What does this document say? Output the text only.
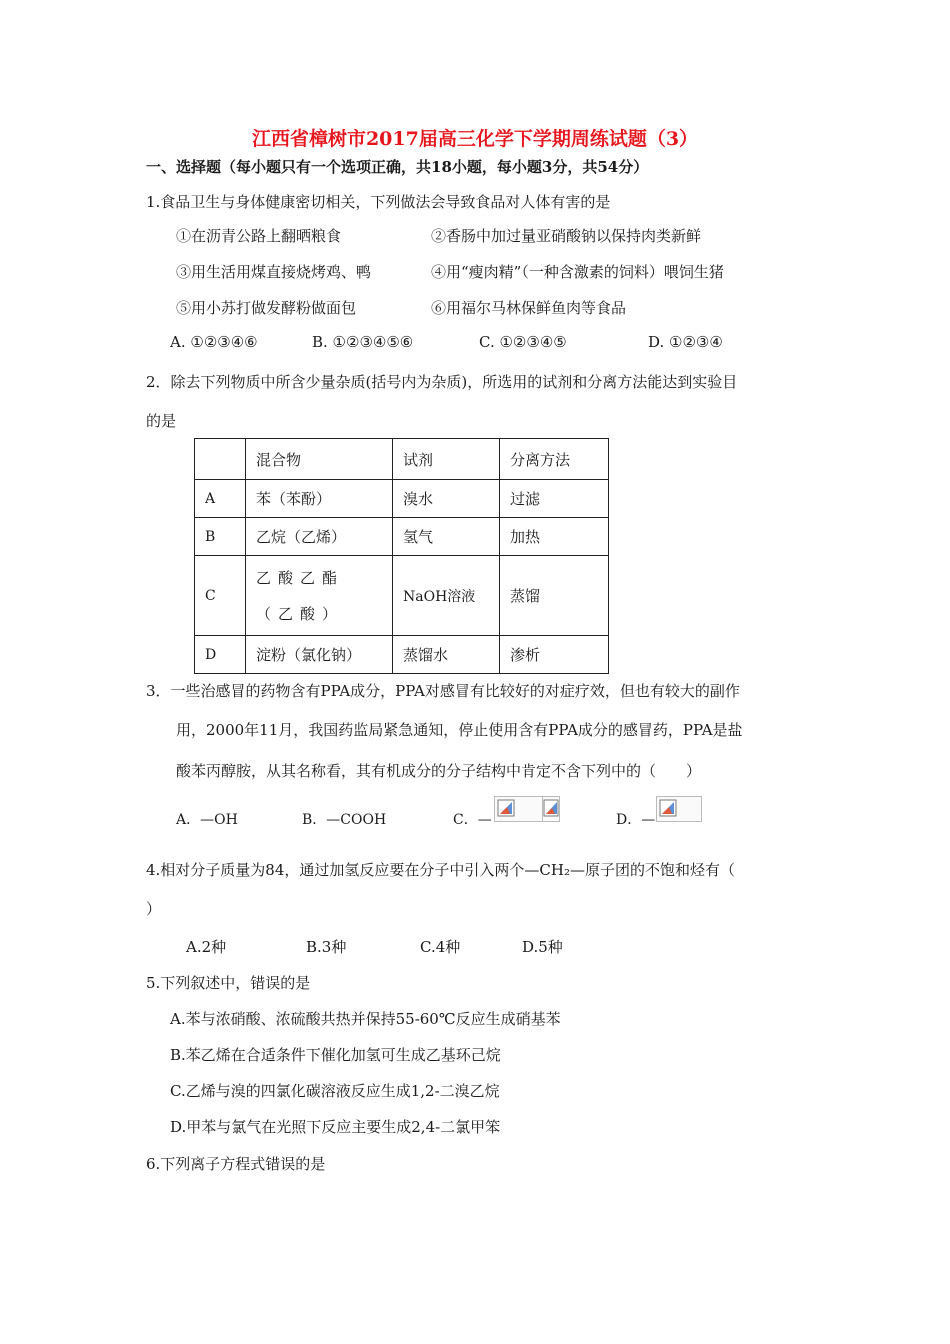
江西省樟树市2017届高三化学下学期周练试题（3）
一、选择题（每小题只有一个选项正确，共18小题，每小题3分，共54分）
1.食品卫生与身体健康密切相关，下列做法会导致食品对人体有害的是
①在沥青公路上翻晒粮食	②香肠中加过量亚硝酸钠以保持肉类新鲜
③用生活用煤直接烧烤鸡、鸭	④用“瘦肉精”（一种含激素的饲料）喂饲生猪
⑤用小苏打做发酵粉做面包	⑥用福尔马林保鲜鱼肉等食品
A. ①②③④⑥	B. ①②③④⑤⑥	C. ①②③④⑤	D. ①②③④
2．除去下列物质中所含少量杂质(括号内为杂质)，所选用的试剂和分离方法能达到实验目
的是
	混合物	试剂	分离方法
A	苯（苯酚）	溴水	过滤
B	乙烷（乙烯）	氢气	加热
C	乙酸乙酯（乙酸）	NaOH溶液	蒸馏
D	淀粉（氯化钠）	蒸馏水	渗析
3．一些治感冒的药物含有PPA成分，PPA对感冒有比较好的对症疗效，但也有较大的副作
用，2000年11月，我国药监局紧急通知，停止使用含有PPA成分的感冒药，PPA是盐
酸苯丙醇胺，从其名称看，其有机成分的分子结构中肯定不含下列中的（　　）
A．—OH	B．—COOH	C．—	D．—
4.相对分子质量为84，通过加氢反应要在分子中引入两个—CH₂—原子团的不饱和烃有（
）
A.2种	B.3种	C.4种	D.5种
5.下列叙述中，错误的是
A.苯与浓硝酸、浓硫酸共热并保持55-60℃反应生成硝基苯
B.苯乙烯在合适条件下催化加氢可生成乙基环己烷
C.乙烯与溴的四氯化碳溶液反应生成1,2-二溴乙烷
D.甲苯与氯气在光照下反应主要生成2,4-二氯甲笨
6.下列离子方程式错误的是
